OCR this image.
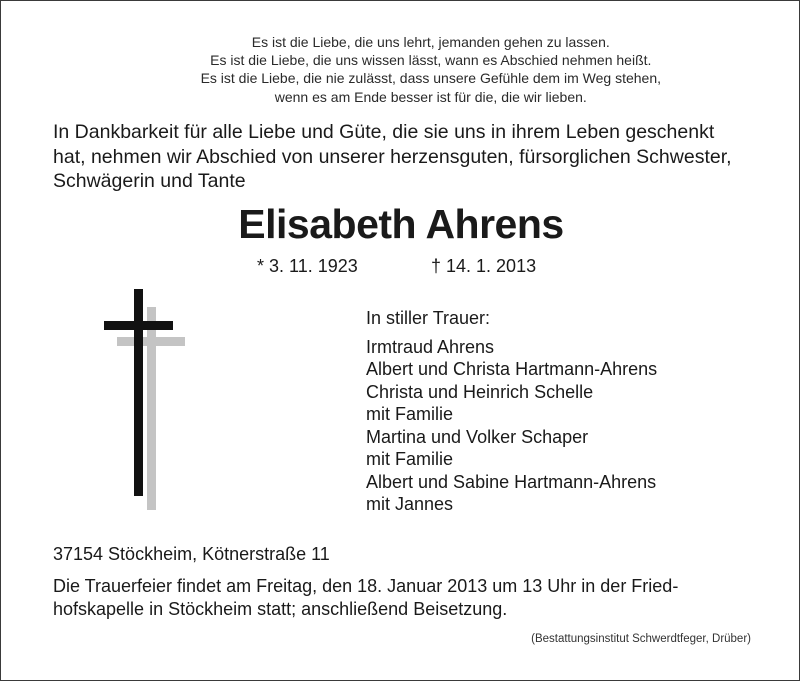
Es ist die Liebe, die uns lehrt, jemanden gehen zu lassen.
Es ist die Liebe, die uns wissen lässt, wann es Abschied nehmen heißt.
Es ist die Liebe, die nie zulässt, dass unsere Gefühle dem im Weg stehen,
wenn es am Ende besser ist für die, die wir lieben.
In Dankbarkeit für alle Liebe und Güte, die sie uns in ihrem Leben geschenkt
hat, nehmen wir Abschied von unserer herzensguten, fürsorglichen Schwester,
Schwägerin und Tante
Elisabeth Ahrens
* 3. 11. 1923	† 14. 1. 2013
In stiller Trauer:
Irmtraud Ahrens
Albert und Christa Hartmann-Ahrens
Christa und Heinrich Schelle
mit Familie
Martina und Volker Schaper
mit Familie
Albert und Sabine Hartmann-Ahrens
mit Jannes
37154 Stöckheim, Kötnerstraße 11
Die Trauerfeier findet am Freitag, den 18. Januar 2013 um 13 Uhr in der Fried-
hofskapelle in Stöckheim statt; anschließend Beisetzung.
(Bestattungsinstitut Schwerdtfeger, Drüber)
